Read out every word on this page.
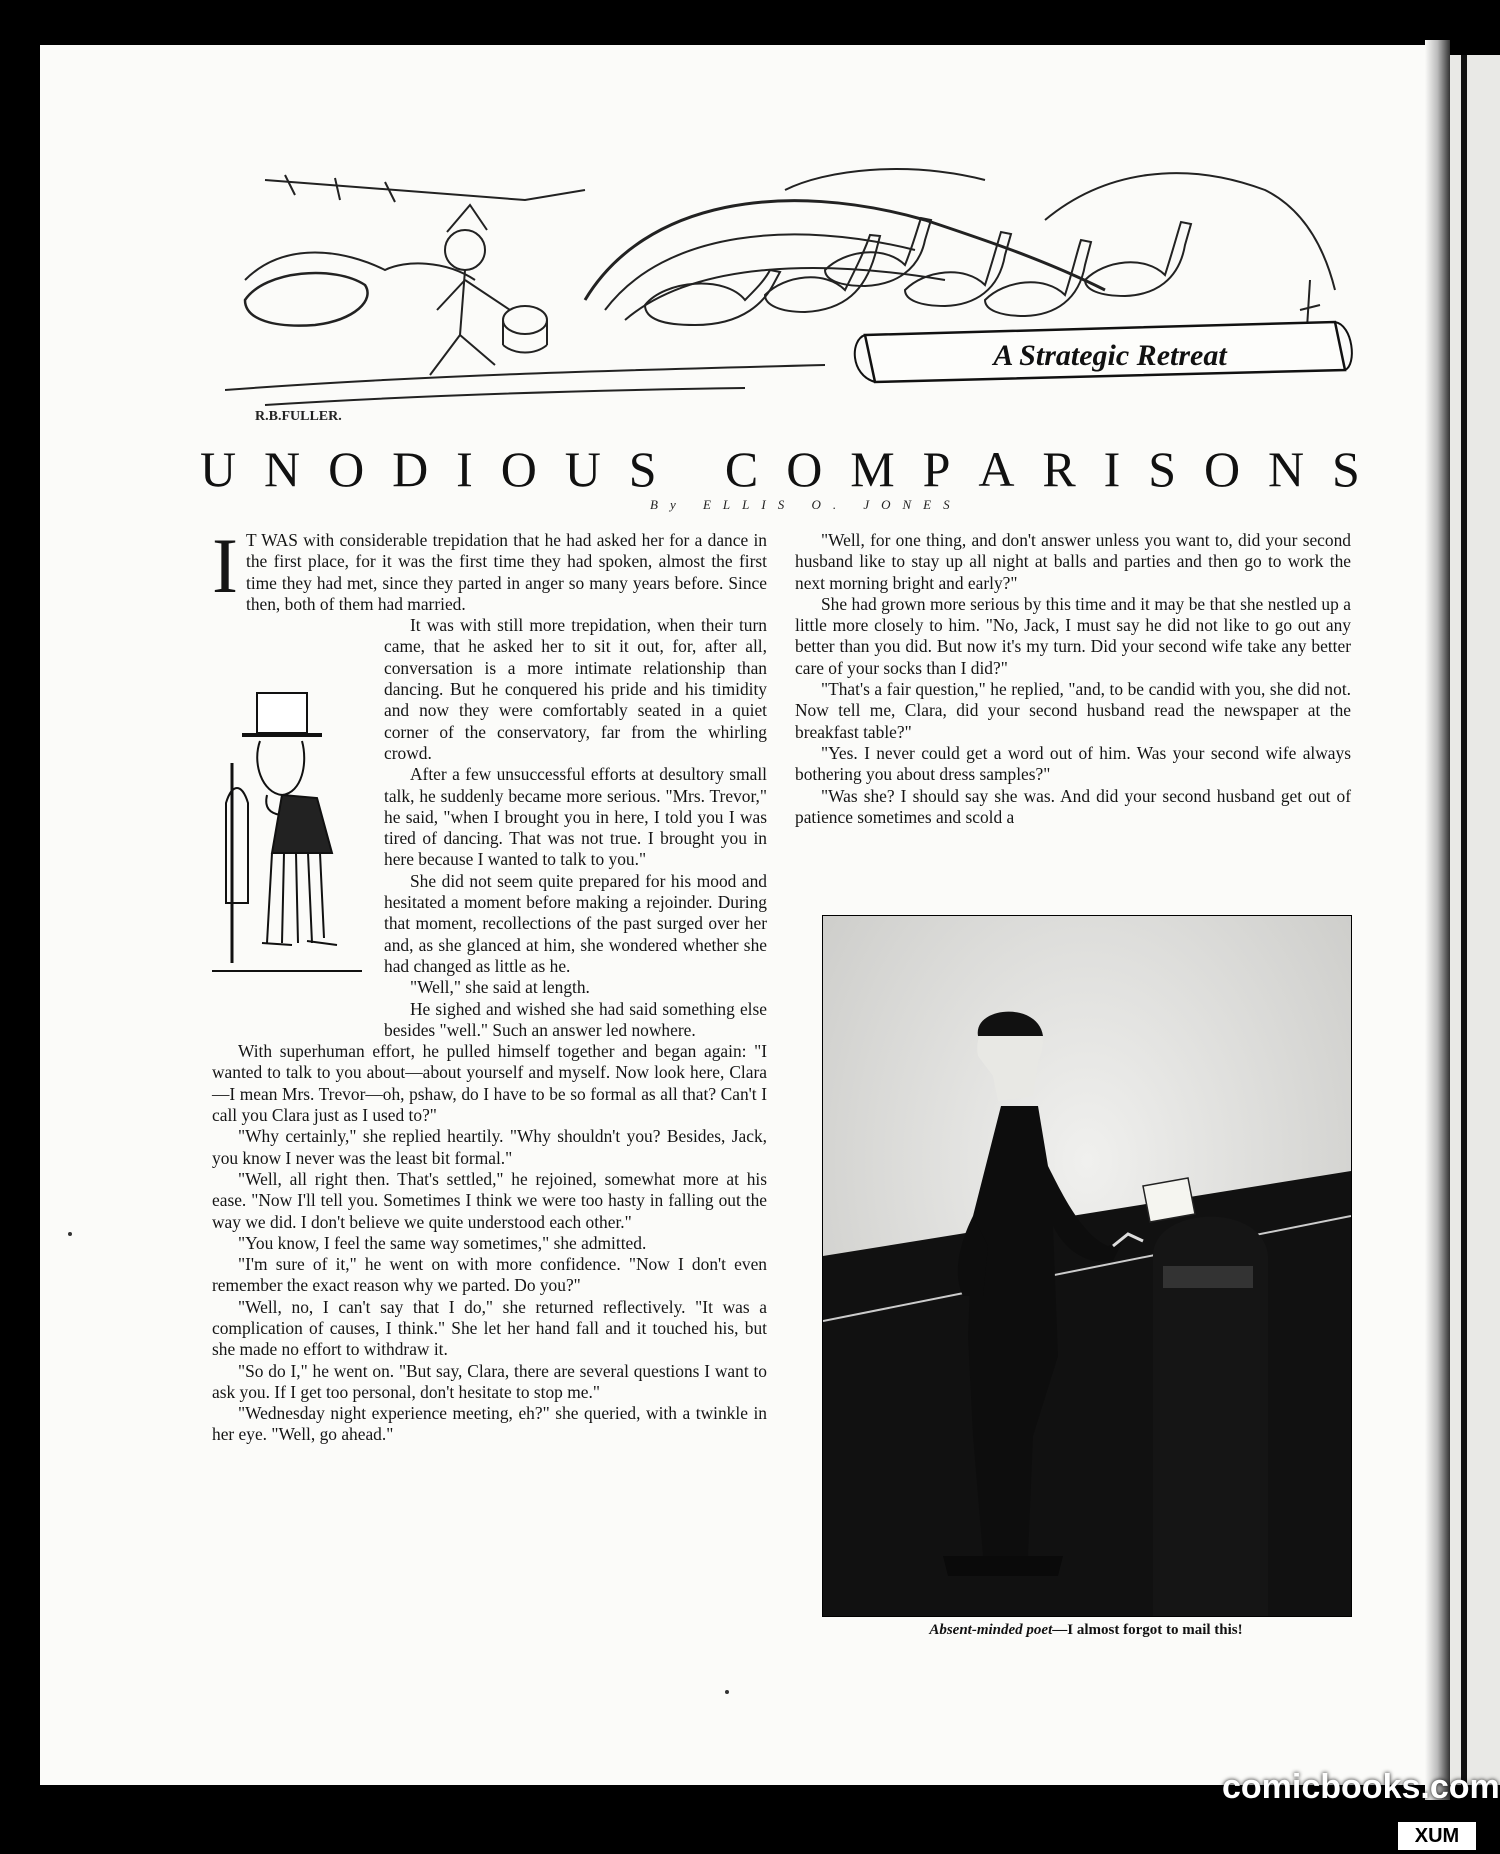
R.B.FULLER.
A Strategic Retreat
U N O D I O U S
C O M P A R I S O N S
By ELLIS O. JONES

I T WAS with considerable trepidation that he had asked her for a dance in the first place, for it was the first time they had spoken, almost the first time they had met, since they parted in anger so many years before. Since then, both of them had married.

It was with still more trepidation, when their turn came, that he asked her to sit it out, for, after all, conversation is a more intimate relationship than dancing. But he conquered his pride and his timidity and now they were comfortably seated in a quiet corner of the conservatory, far from the whirling crowd.

After a few unsuccessful efforts at desultory small talk, he suddenly became more serious. "Mrs. Trevor," he said, "when I brought you in here, I told you I was tired of dancing. That was not true. I brought you in here because I wanted to talk to you."

She did not seem quite prepared for his mood and hesitated a moment before making a rejoinder. During that moment, recollections of the past surged over her and, as she glanced at him, she wondered whether she had changed as little as he.

"Well," she said at length.

He sighed and wished she had said something else besides "well." Such an answer led nowhere.

With superhuman effort, he pulled himself together and began again: "I wanted to talk to you about—about yourself and myself. Now look here, Clara—I mean Mrs. Trevor—oh, pshaw, do I have to be so formal as all that? Can't I call you Clara just as I used to?"

"Why certainly," she replied heartily. "Why shouldn't you? Besides, Jack, you know I never was the least bit formal."

"Well, all right then. That's settled," he rejoined, somewhat more at his ease. "Now I'll tell you. Sometimes I think we were too hasty in falling out the way we did. I don't believe we quite understood each other."

"You know, I feel the same way sometimes," she admitted.

"I'm sure of it," he went on with more confidence. "Now I don't even remember the exact reason why we parted. Do you?"

"Well, no, I can't say that I do," she returned reflectively. "It was a complication of causes, I think." She let her hand fall and it touched his, but she made no effort to withdraw it.

"So do I," he went on. "But say, Clara, there are several questions I want to ask you. If I get too personal, don't hesitate to stop me."

"Wednesday night experience meeting, eh?" she queried, with a twinkle in her eye. "Well, go ahead."

"Well, for one thing, and don't answer unless you want to, did your second husband like to stay up all night at balls and parties and then go to work the next morning bright and early?"

She had grown more serious by this time and it may be that she nestled up a little more closely to him. "No, Jack, I must say he did not like to go out any better than you did. But now it's my turn. Did your second wife take any better care of your socks than I did?"

"That's a fair question," he replied, "and, to be candid with you, she did not. Now tell me, Clara, did your second husband read the newspaper at the breakfast table?"

"Yes. I never could get a word out of him. Was your second wife always bothering you about dress samples?"

"Was she? I should say she was. And did your second husband get out of patience sometimes and scold a

Absent-minded poet—I almost forgot to mail this!
comicbooks.com
XUM
